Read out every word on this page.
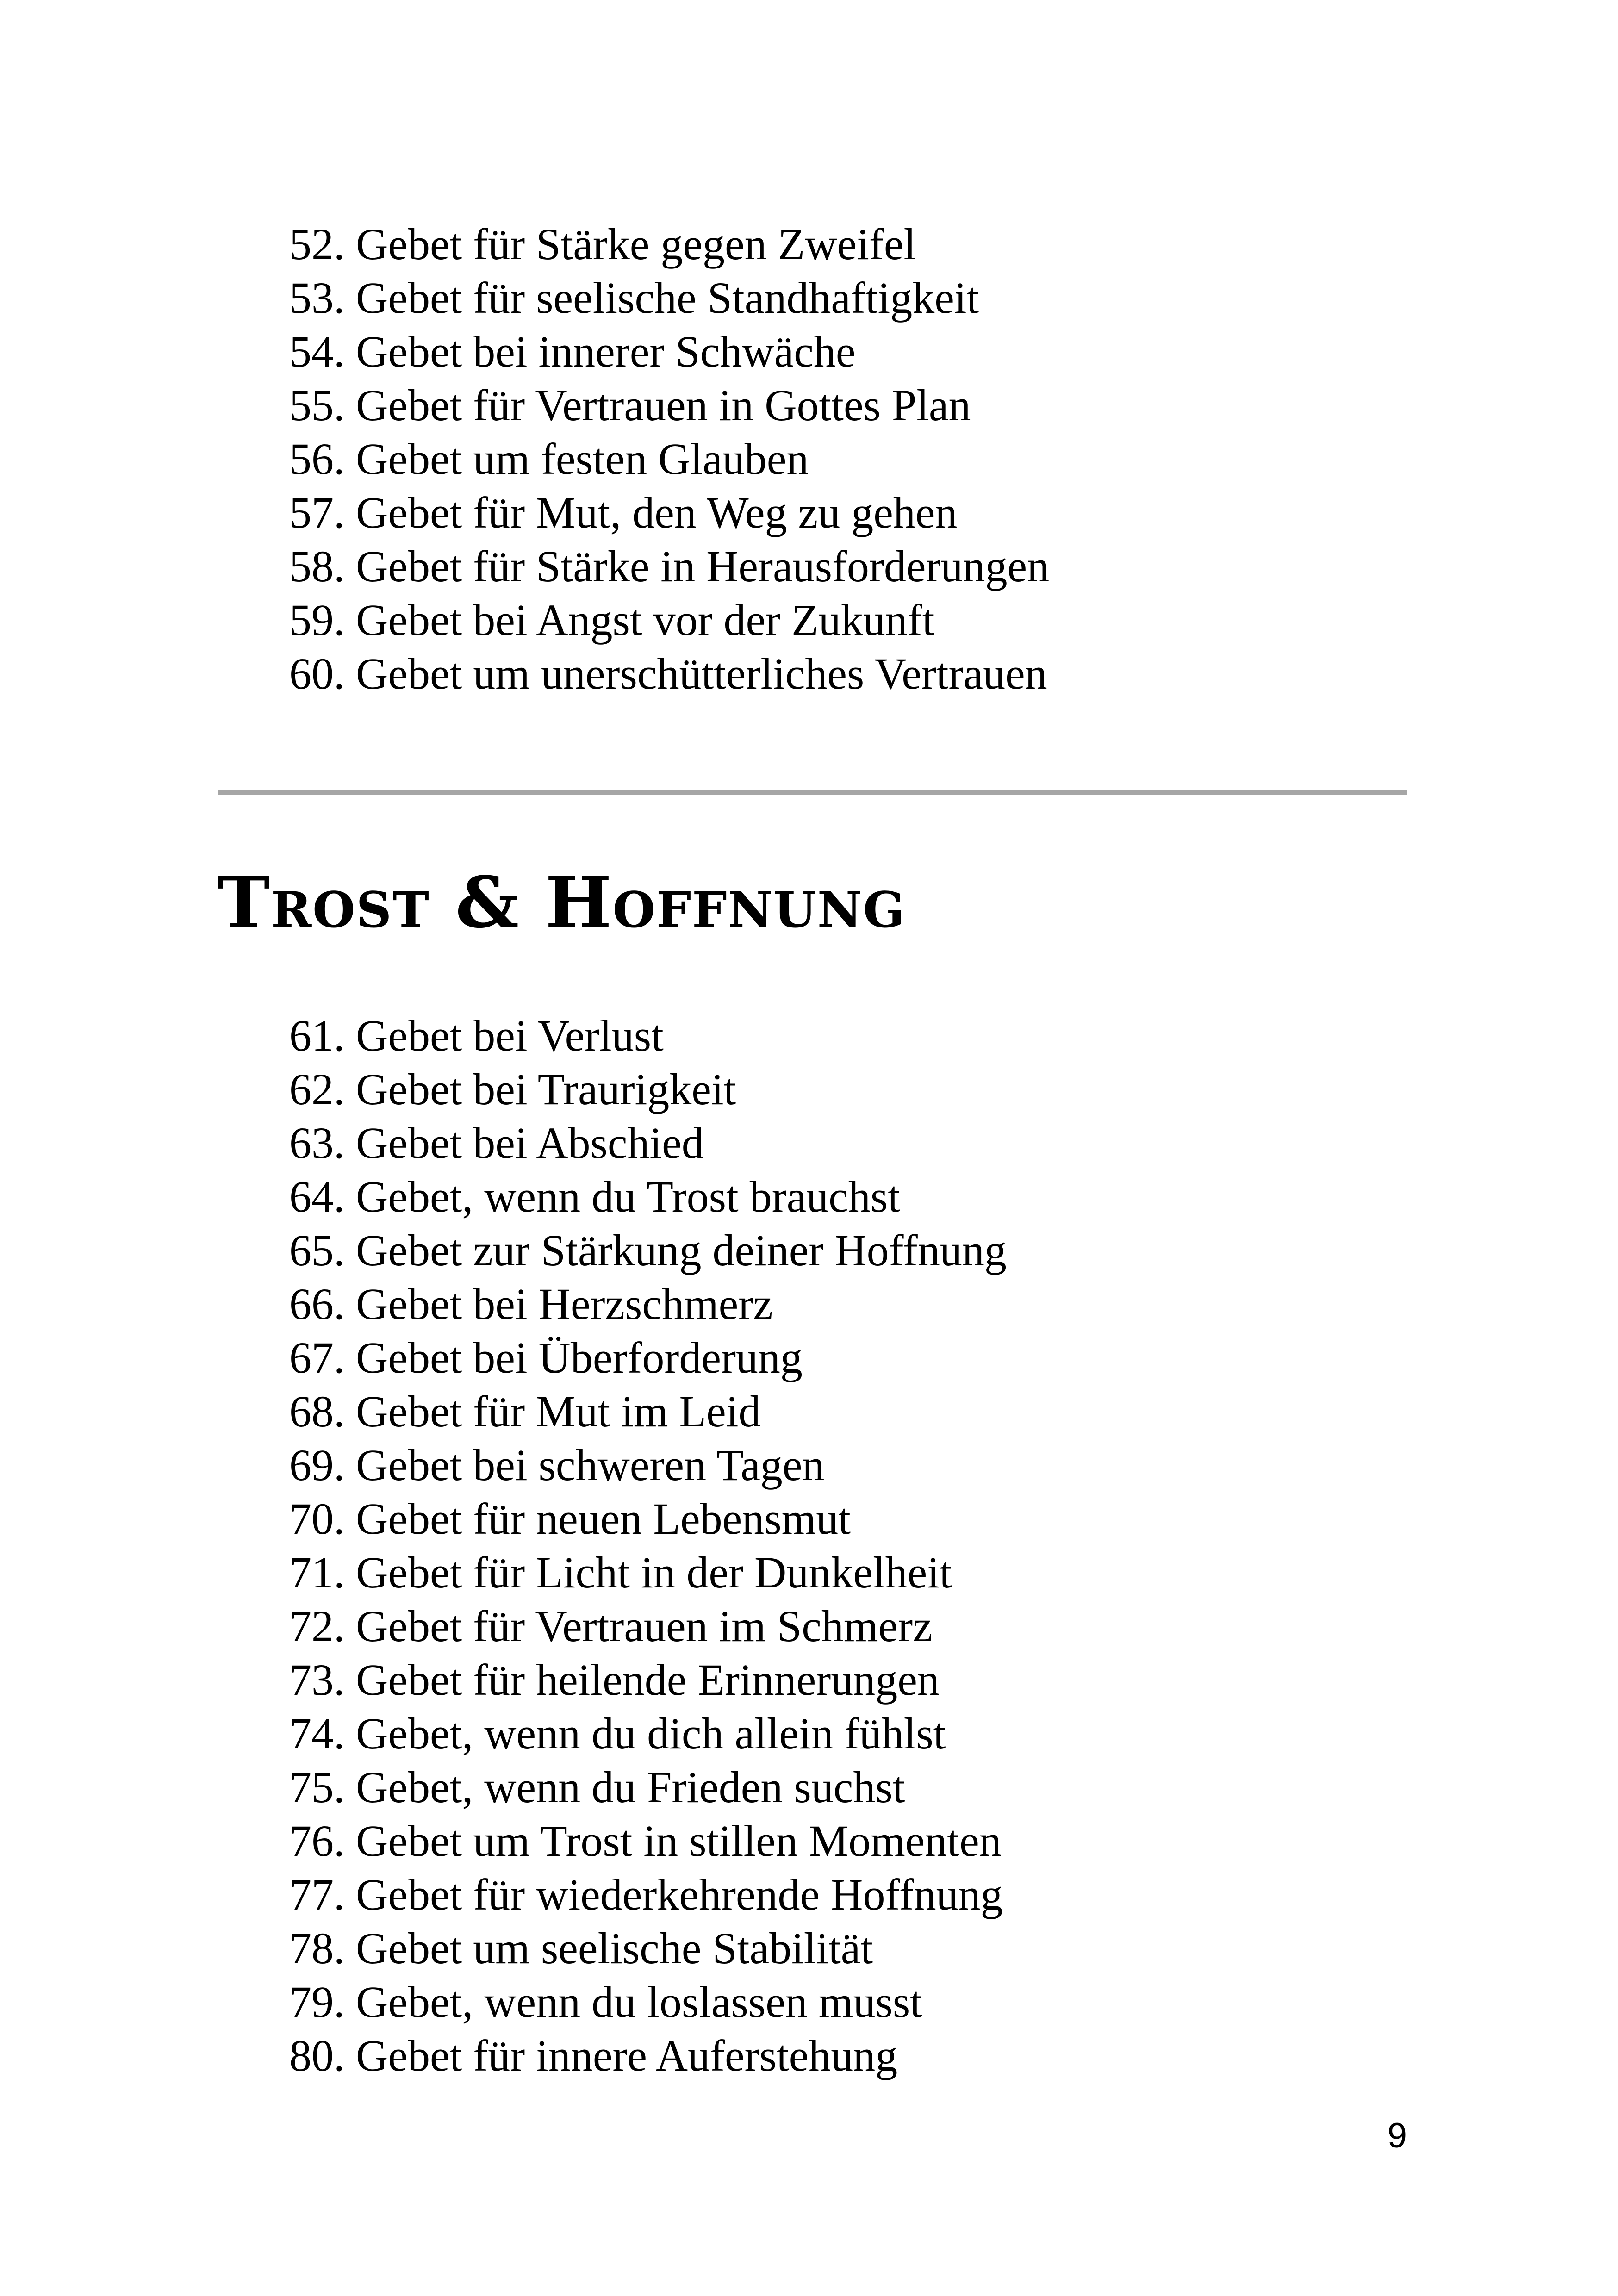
52. Gebet für Stärke gegen Zweifel
53. Gebet für seelische Standhaftigkeit
54. Gebet bei innerer Schwäche
55. Gebet für Vertrauen in Gottes Plan
56. Gebet um festen Glauben
57. Gebet für Mut, den Weg zu gehen
58. Gebet für Stärke in Herausforderungen
59. Gebet bei Angst vor der Zukunft
60. Gebet um unerschütterliches Vertrauen
Trost & Hoffnung
61. Gebet bei Verlust
62. Gebet bei Traurigkeit
63. Gebet bei Abschied
64. Gebet, wenn du Trost brauchst
65. Gebet zur Stärkung deiner Hoffnung
66. Gebet bei Herzschmerz
67. Gebet bei Überforderung
68. Gebet für Mut im Leid
69. Gebet bei schweren Tagen
70. Gebet für neuen Lebensmut
71. Gebet für Licht in der Dunkelheit
72. Gebet für Vertrauen im Schmerz
73. Gebet für heilende Erinnerungen
74. Gebet, wenn du dich allein fühlst
75. Gebet, wenn du Frieden suchst
76. Gebet um Trost in stillen Momenten
77. Gebet für wiederkehrende Hoffnung
78. Gebet um seelische Stabilität
79. Gebet, wenn du loslassen musst
80. Gebet für innere Auferstehung
9
